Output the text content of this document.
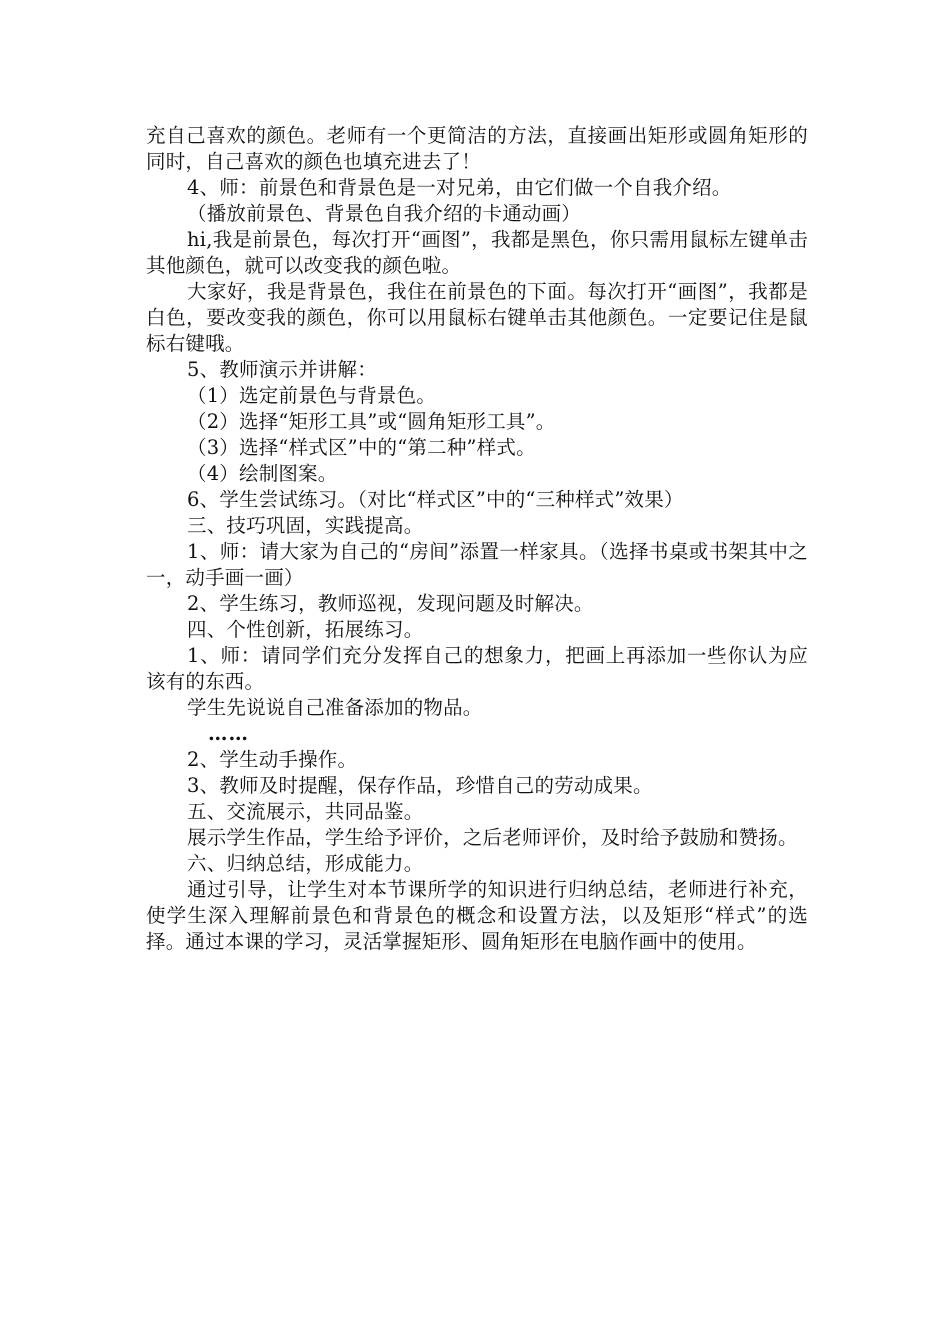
充自己喜欢的颜色。老师有一个更简洁的方法，直接画出矩形或圆角矩形的同时，自己喜欢的颜色也填充进去了！

4、师：前景色和背景色是一对兄弟，由它们做一个自我介绍。

（播放前景色、背景色自我介绍的卡通动画）

hi,我是前景色，每次打开“画图”，我都是黑色，你只需用鼠标左键单击其他颜色，就可以改变我的颜色啦。

大家好，我是背景色，我住在前景色的下面。每次打开“画图”，我都是白色，要改变我的颜色，你可以用鼠标右键单击其他颜色。一定要记住是鼠标右键哦。

5、教师演示并讲解：

（1）选定前景色与背景色。

（2）选择“矩形工具”或“圆角矩形工具”。

（3）选择“样式区”中的“第二种”样式。

（4）绘制图案。

6、学生尝试练习。（对比“样式区”中的“三种样式”效果）

三、技巧巩固，实践提高。

1、师：请大家为自己的“房间”添置一样家具。（选择书桌或书架其中之一，动手画一画）

2、学生练习，教师巡视，发现问题及时解决。

四、个性创新，拓展练习。

1、师：请同学们充分发挥自己的想象力，把画上再添加一些你认为应该有的东西。

学生先说说自己准备添加的物品。

……

2、学生动手操作。

3、教师及时提醒，保存作品，珍惜自己的劳动成果。

五、交流展示，共同品鉴。

展示学生作品，学生给予评价，之后老师评价，及时给予鼓励和赞扬。

六、归纳总结，形成能力。

通过引导，让学生对本节课所学的知识进行归纳总结，老师进行补充，使学生深入理解前景色和背景色的概念和设置方法，以及矩形“样式”的选择。通过本课的学习，灵活掌握矩形、圆角矩形在电脑作画中的使用。
